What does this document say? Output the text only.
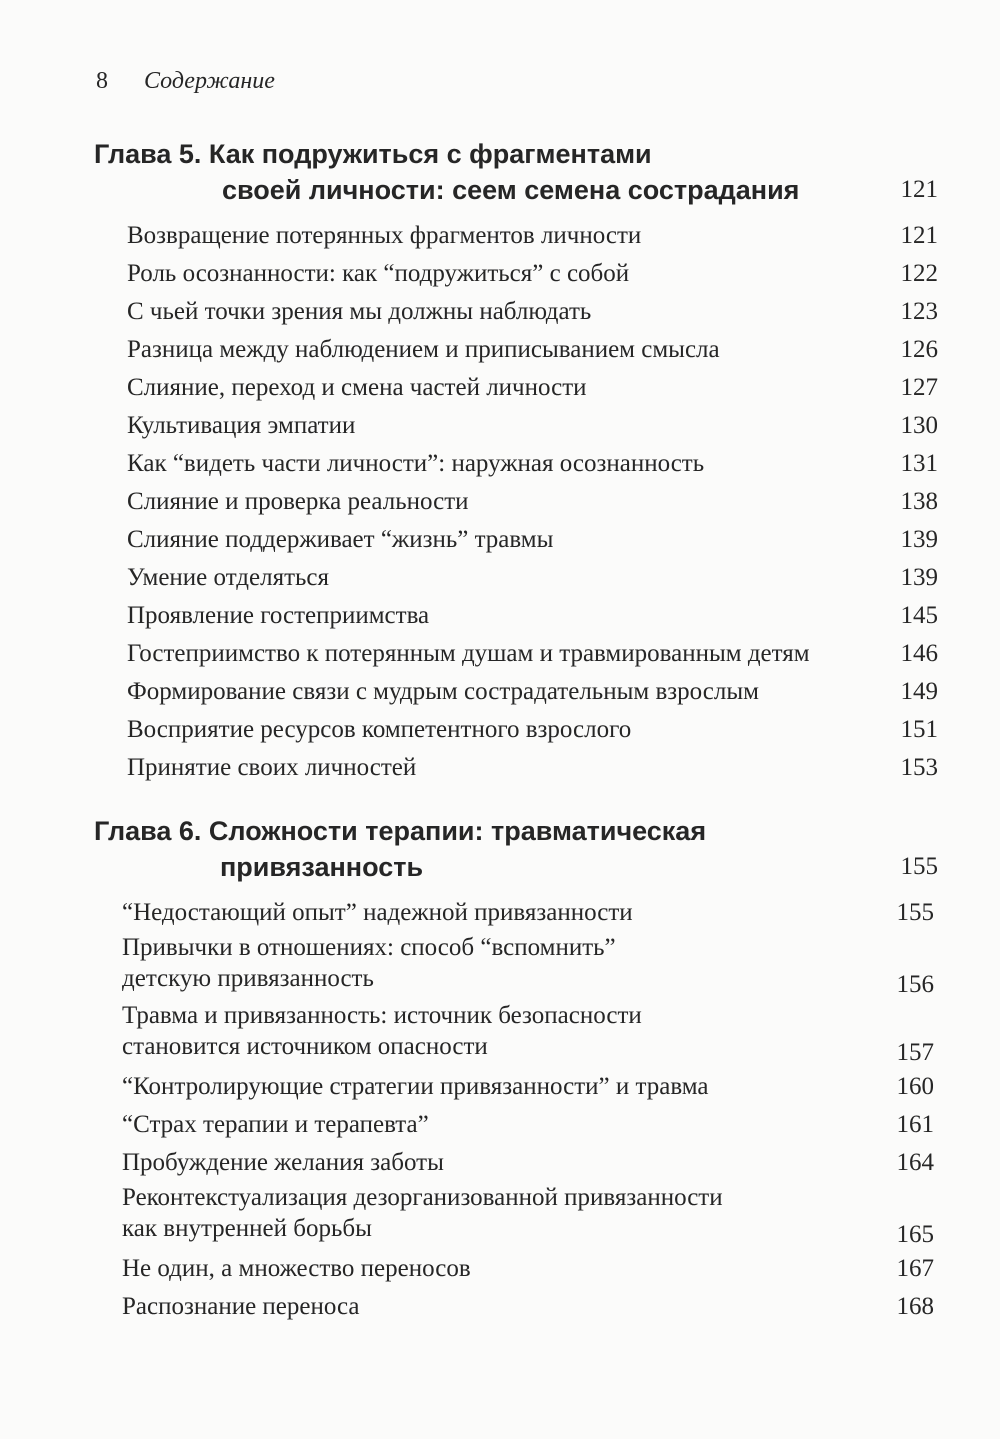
8 Содержание
Глава 5. Как подружиться с фрагментами
своей личности: сеем семена сострадания	121
Возвращение потерянных фрагментов личности	121
Роль осознанности: как “подружиться” с собой	122
С чьей точки зрения мы должны наблюдать	123
Разница между наблюдением и приписыванием смысла	126
Слияние, переход и смена частей личности	127
Культивация эмпатии	130
Как “видеть части личности”: наружная осознанность	131
Слияние и проверка реальности	138
Слияние поддерживает “жизнь” травмы	139
Умение отделяться	139
Проявление гостеприимства	145
Гостеприимство к потерянным душам и травмированным детям	146
Формирование связи с мудрым сострадательным взрослым	149
Восприятие ресурсов компетентного взрослого	151
Принятие своих личностей	153
Глава 6. Сложности терапии: травматическая
привязанность	155
“Недостающий опыт” надежной привязанности	155
Привычки в отношениях: способ “вспомнить”
детскую привязанность	156
Травма и привязанность: источник безопасности
становится источником опасности	157
“Контролирующие стратегии привязанности” и травма	160
“Страх терапии и терапевта”	161
Пробуждение желания заботы	164
Реконтекстуализация дезорганизованной привязанности
как внутренней борьбы	165
Не один, а множество переносов	167
Распознание переноса	168
